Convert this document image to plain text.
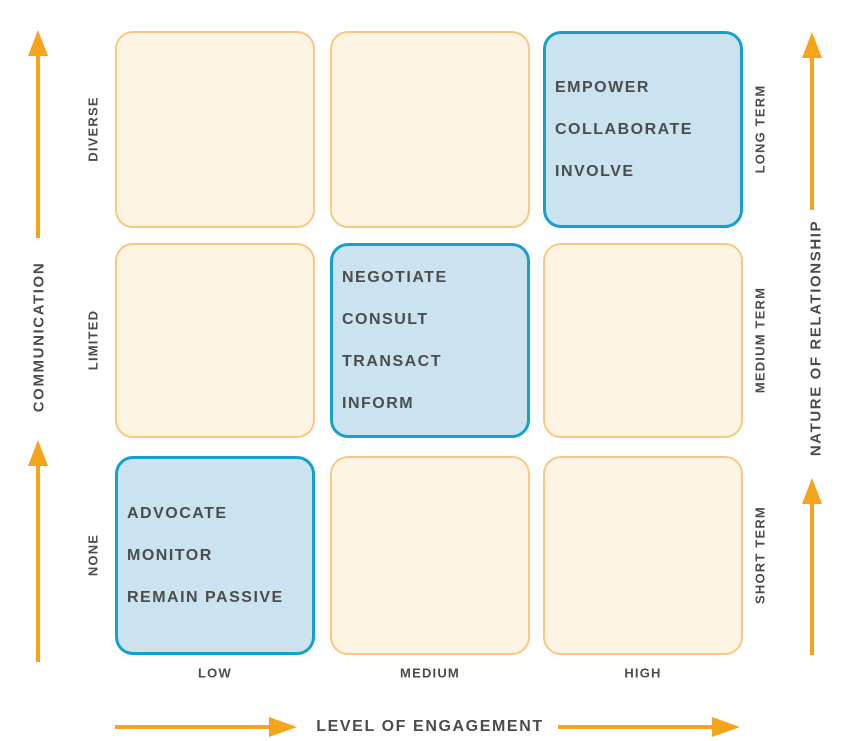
COMMUNICATION
DIVERSE
LIMITED
NONE
EMPOWER
COLLABORATE
INVOLVE
NEGOTIATE
CONSULT
TRANSACT
INFORM
ADVOCATE
MONITOR
REMAIN PASSIVE
LONG TERM
MEDIUM TERM
SHORT TERM
NATURE OF RELATIONSHIP
LOW	MEDIUM	HIGH
LEVEL OF ENGAGEMENT
